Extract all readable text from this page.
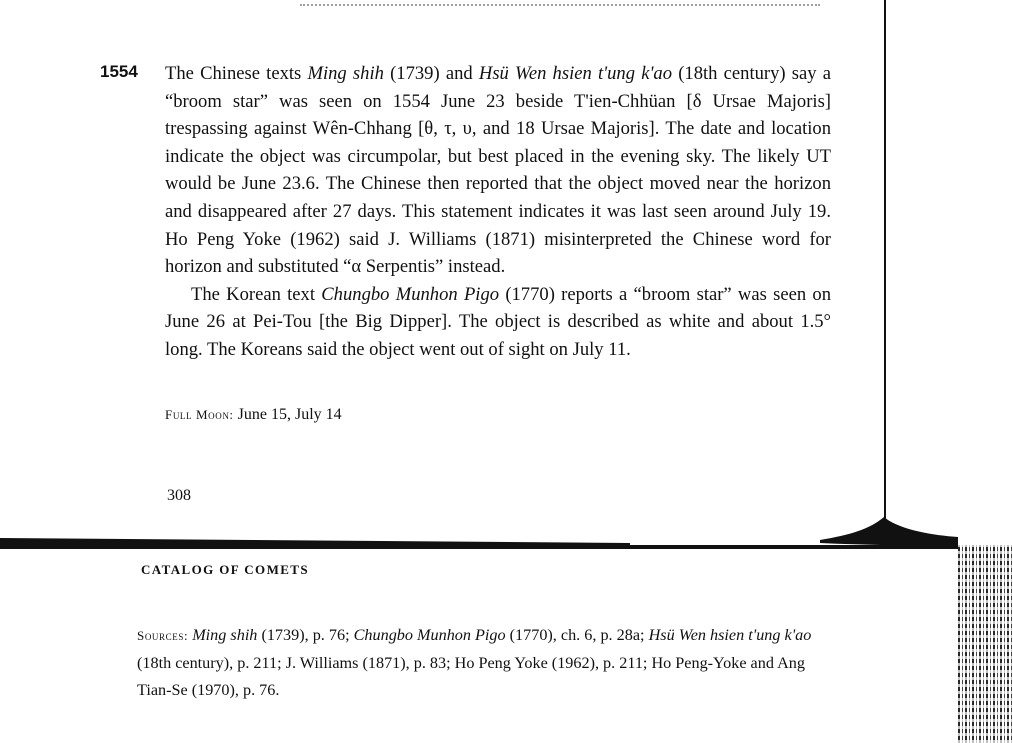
1554 The Chinese texts Ming shih (1739) and Hsü Wen hsien t'ung k'ao (18th century) say a “broom star” was seen on 1554 June 23 beside T'ien-Chhüan [δ Ursae Majoris] trespassing against Wên-Chhang [θ, τ, υ, and 18 Ursae Majoris]. The date and location indicate the object was circumpolar, but best placed in the evening sky. The likely UT would be June 23.6. The Chinese then reported that the object moved near the horizon and disappeared after 27 days. This statement indicates it was last seen around July 19. Ho Peng Yoke (1962) said J. Williams (1871) misinterpreted the Chinese word for horizon and substituted “α Serpentis” instead.

The Korean text Chungbo Munhon Pigo (1770) reports a “broom star” was seen on June 26 at Pei-Tou [the Big Dipper]. The object is described as white and about 1.5° long. The Koreans said the object went out of sight on July 11.

Full Moon: June 15, July 14
308
CATALOG OF COMETS
Sources: Ming shih (1739), p. 76; Chungbo Munhon Pigo (1770), ch. 6, p. 28a; Hsü Wen hsien t'ung k'ao (18th century), p. 211; J. Williams (1871), p. 83; Ho Peng Yoke (1962), p. 211; Ho Peng-Yoke and Ang Tian-Se (1970), p. 76.
